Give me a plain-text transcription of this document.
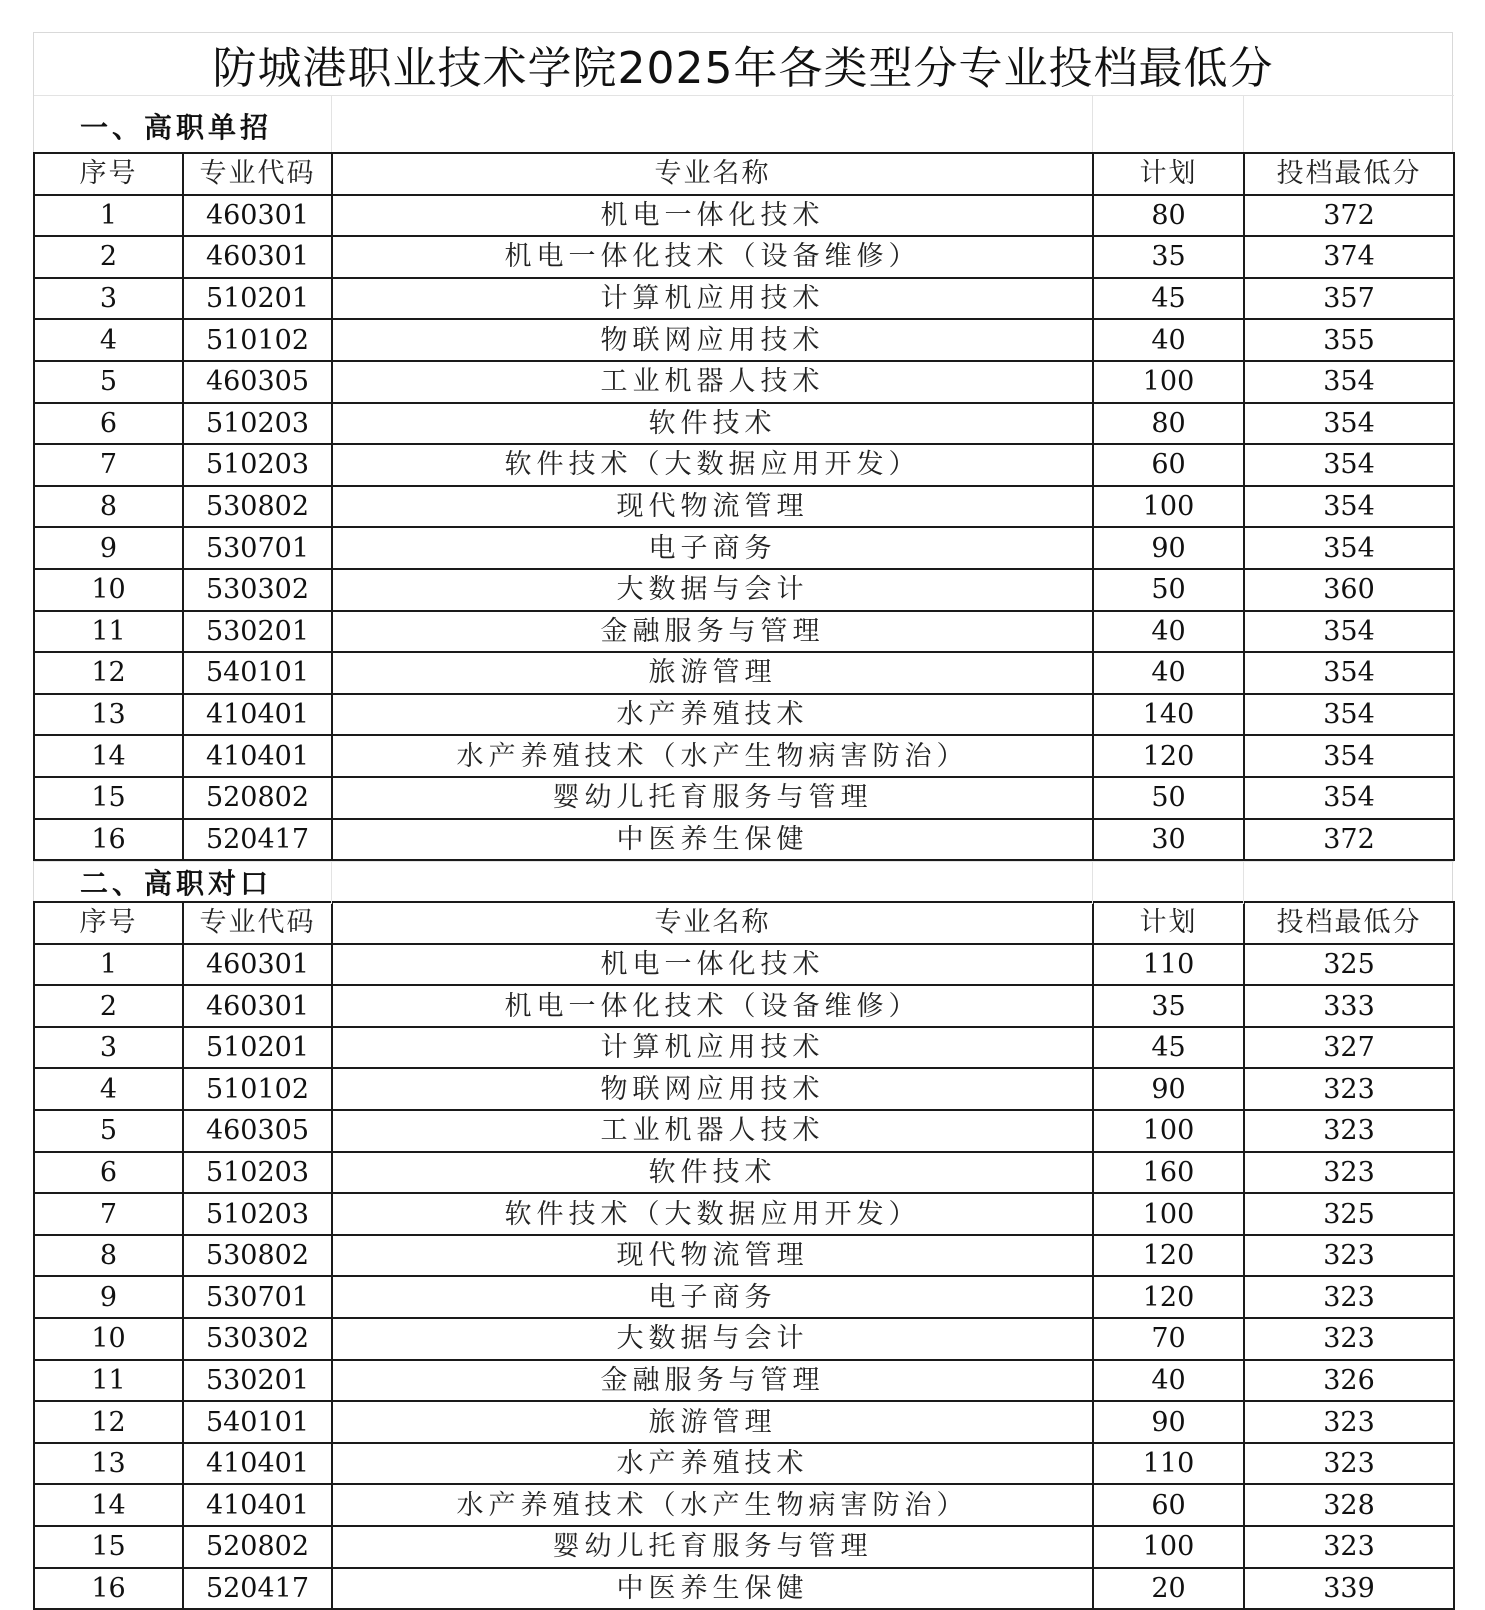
防城港职业技术学院2025年各类型分专业投档最低分
一、高职单招
序号	专业代码	专业名称	计划	投档最低分
1	460301	机电一体化技术	80	372
2	460301	机电一体化技术（设备维修）	35	374
3	510201	计算机应用技术	45	357
4	510102	物联网应用技术	40	355
5	460305	工业机器人技术	100	354
6	510203	软件技术	80	354
7	510203	软件技术（大数据应用开发）	60	354
8	530802	现代物流管理	100	354
9	530701	电子商务	90	354
10	530302	大数据与会计	50	360
11	530201	金融服务与管理	40	354
12	540101	旅游管理	40	354
13	410401	水产养殖技术	140	354
14	410401	水产养殖技术（水产生物病害防治）	120	354
15	520802	婴幼儿托育服务与管理	50	354
16	520417	中医养生保健	30	372
二、高职对口
序号	专业代码	专业名称	计划	投档最低分
1	460301	机电一体化技术	110	325
2	460301	机电一体化技术（设备维修）	35	333
3	510201	计算机应用技术	45	327
4	510102	物联网应用技术	90	323
5	460305	工业机器人技术	100	323
6	510203	软件技术	160	323
7	510203	软件技术（大数据应用开发）	100	325
8	530802	现代物流管理	120	323
9	530701	电子商务	120	323
10	530302	大数据与会计	70	323
11	530201	金融服务与管理	40	326
12	540101	旅游管理	90	323
13	410401	水产养殖技术	110	323
14	410401	水产养殖技术（水产生物病害防治）	60	328
15	520802	婴幼儿托育服务与管理	100	323
16	520417	中医养生保健	20	339
